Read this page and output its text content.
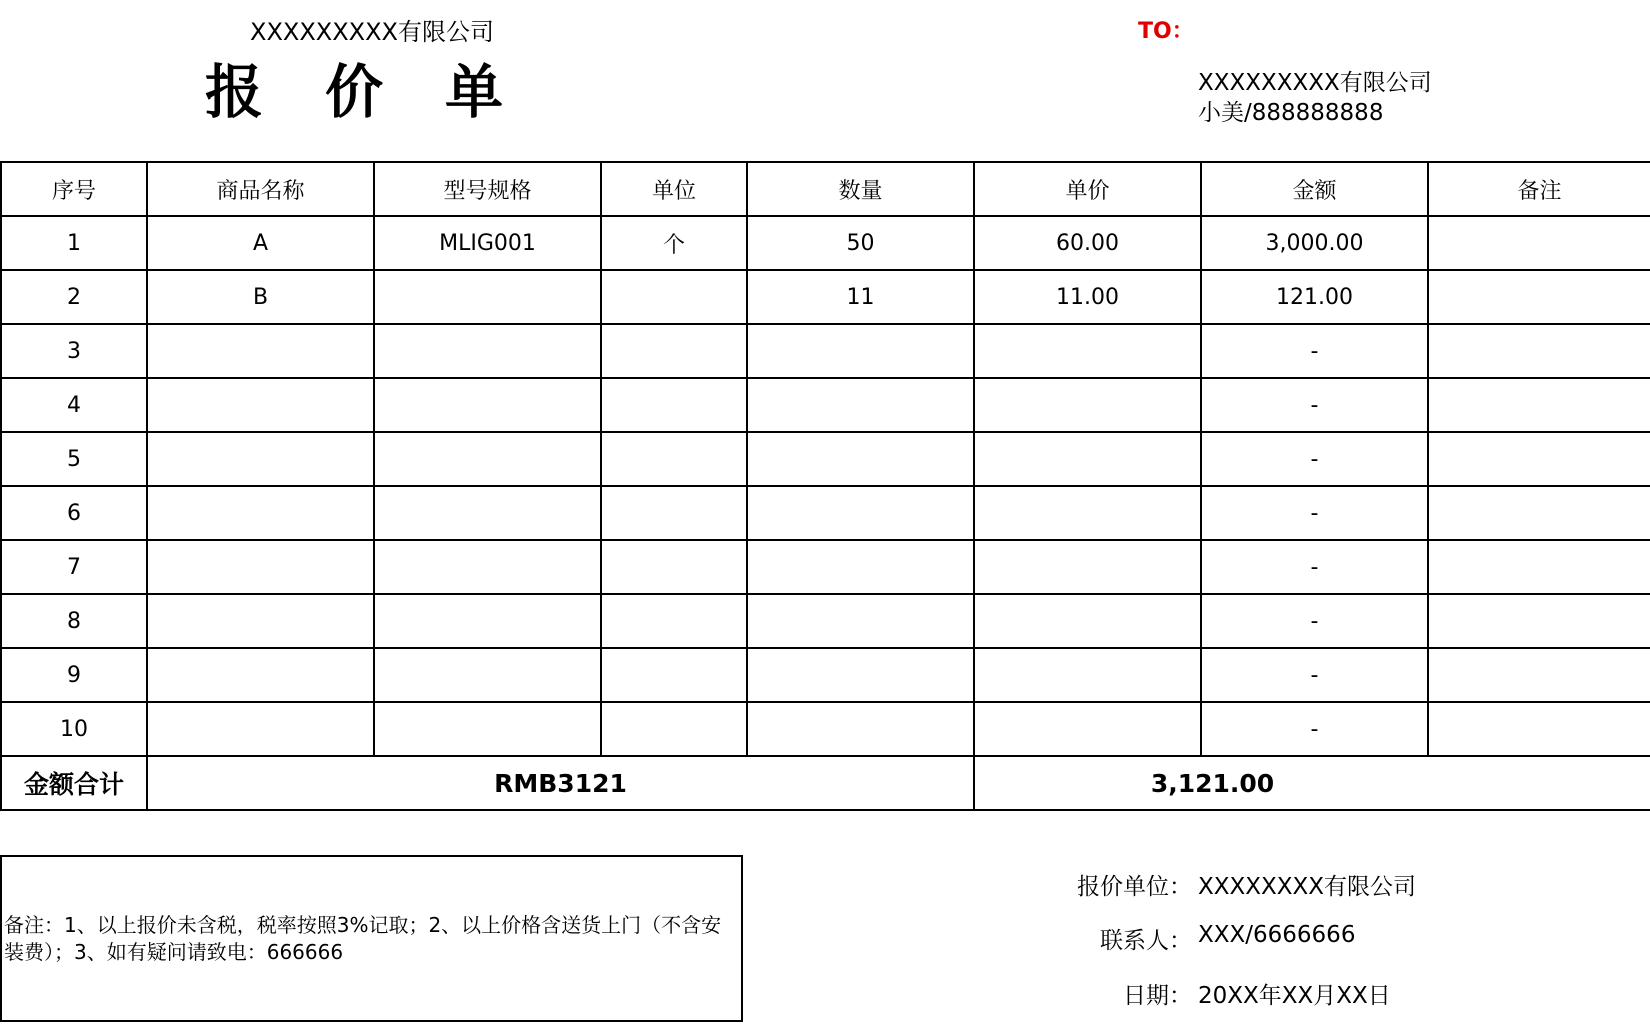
XXXXXXXXX有限公司
报价单
TO：
XXXXXXXXX有限公司
小美/888888888
序号	商品名称	型号规格	单位	数量	单价	金额	备注
1	A	MLIG001	个	50	60.00	3,000.00	
2	B			11	11.00	121.00	
3						-	
4						-	
5						-	
6						-	
7						-	
8						-	
9						-	
10						-	
金额合计	RMB3121				3,121.00		
备注：1、以上报价未含税，税率按照3%记取；2、以上价格含送货上门（不含安装费）；3、如有疑问请致电：666666
报价单位： XXXXXXXX有限公司
联系人： XXX/6666666
日期： 20XX年XX月XX日
